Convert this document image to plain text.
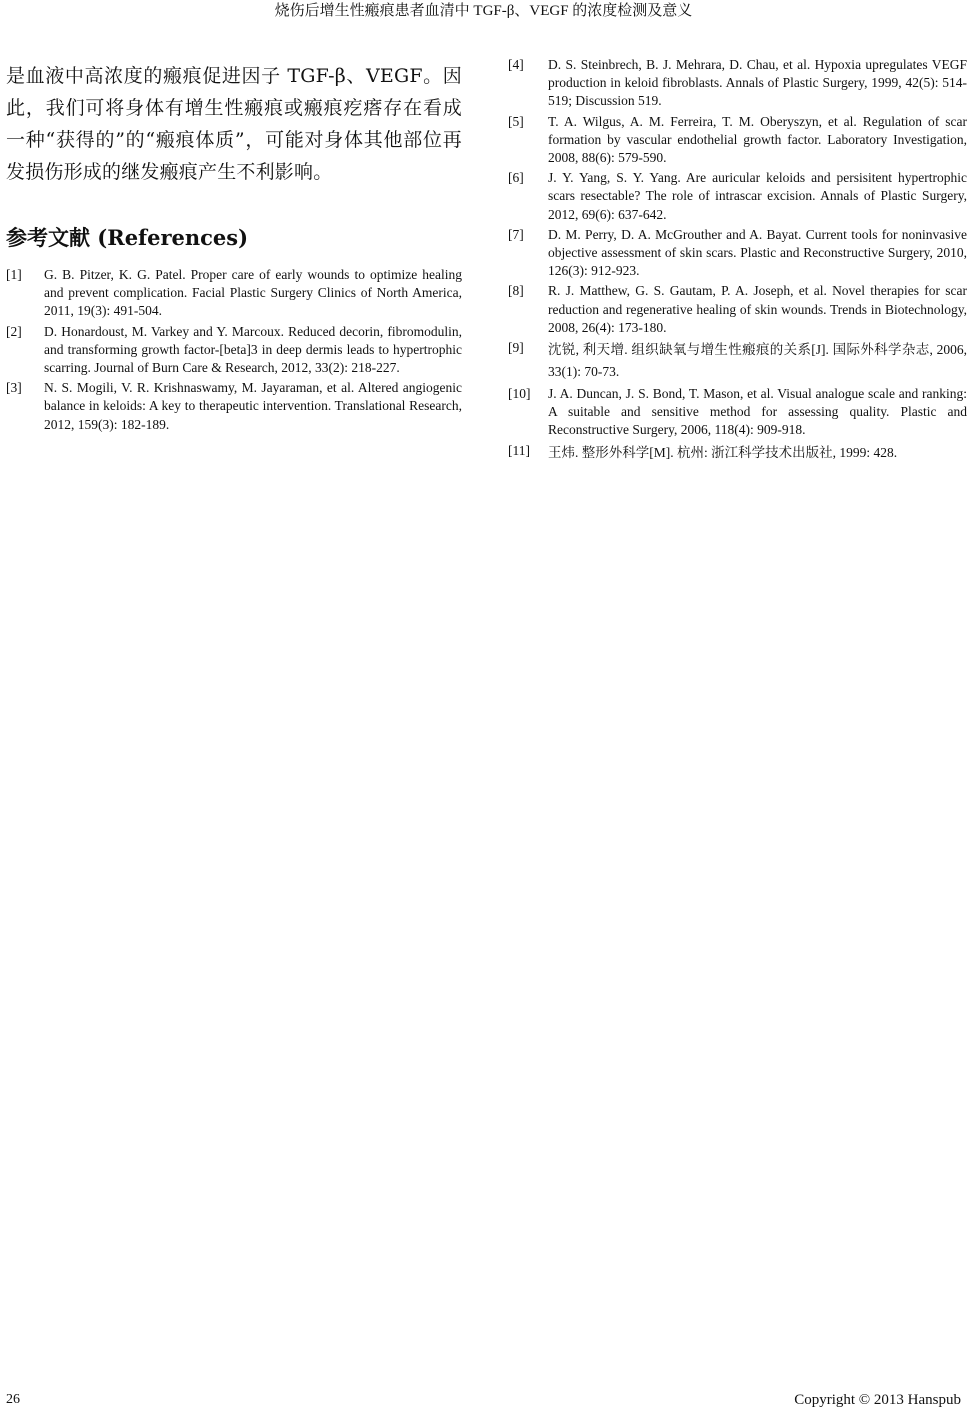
烧伤后增生性瘢痕患者血清中 TGF-β、VEGF 的浓度检测及意义

是血液中高浓度的瘢痕促进因子 TGF-β、VEGF。因此，我们可将身体有增生性瘢痕或瘢痕疙瘩存在看成一种“获得的”的“瘢痕体质”，可能对身体其他部位再发损伤形成的继发瘢痕产生不利影响。

参考文献 (References)
[1]	G. B. Pitzer, K. G. Patel. Proper care of early wounds to optimize healing and prevent complication. Facial Plastic Surgery Clinics of North America, 2011, 19(3): 491-504.
[2]	D. Honardoust, M. Varkey and Y. Marcoux. Reduced decorin, fibromodulin, and transforming growth factor-[beta]3 in deep dermis leads to hypertrophic scarring. Journal of Burn Care & Research, 2012, 33(2): 218-227.
[3]	N. S. Mogili, V. R. Krishnaswamy, M. Jayaraman, et al. Altered angiogenic balance in keloids: A key to therapeutic intervention. Translational Research, 2012, 159(3): 182-189.
[4]	D. S. Steinbrech, B. J. Mehrara, D. Chau, et al. Hypoxia upregulates VEGF production in keloid fibroblasts. Annals of Plastic Surgery, 1999, 42(5): 514-519; Discussion 519.
[5]	T. A. Wilgus, A. M. Ferreira, T. M. Oberyszyn, et al. Regulation of scar formation by vascular endothelial growth factor. Laboratory Investigation, 2008, 88(6): 579-590.
[6]	J. Y. Yang, S. Y. Yang. Are auricular keloids and persisitent hypertrophic scars resectable? The role of intrascar excision. Annals of Plastic Surgery, 2012, 69(6): 637-642.
[7]	D. M. Perry, D. A. McGrouther and A. Bayat. Current tools for noninvasive objective assessment of skin scars. Plastic and Reconstructive Surgery, 2010, 126(3): 912-923.
[8]	R. J. Matthew, G. S. Gautam, P. A. Joseph, et al. Novel therapies for scar reduction and regenerative healing of skin wounds. Trends in Biotechnology, 2008, 26(4): 173-180.
[9]	沈锐, 利天增. 组织缺氧与增生性瘢痕的关系[J]. 国际外科学杂志, 2006, 33(1): 70-73.
[10]	J. A. Duncan, J. S. Bond, T. Mason, et al. Visual analogue scale and ranking: A suitable and sensitive method for assessing quality. Plastic and Reconstructive Surgery, 2006, 118(4): 909-918.
[11]	王炜. 整形外科学[M]. 杭州: 浙江科学技术出版社, 1999: 428.
26	Copyright © 2013 Hanspub
